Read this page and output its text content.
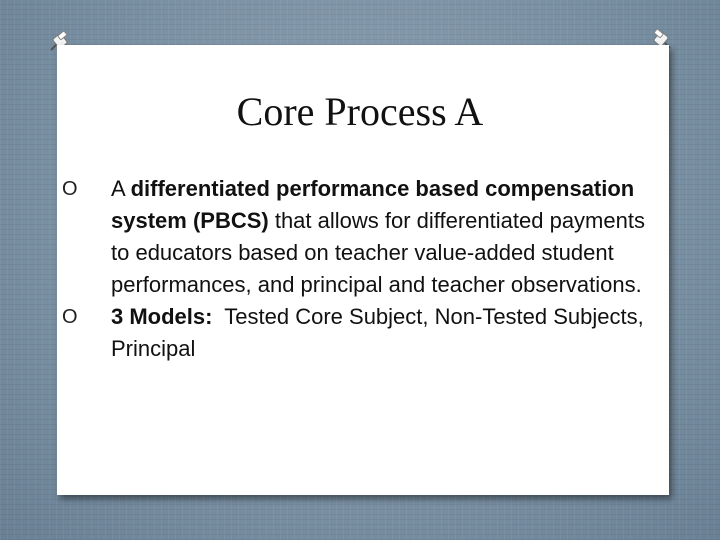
Core Process A
O A differentiated performance based compensation system (PBCS) that allows for differentiated payments to educators based on teacher value-added student performances, and principal and teacher observations.
O 3 Models:  Tested Core Subject, Non-Tested Subjects, Principal
